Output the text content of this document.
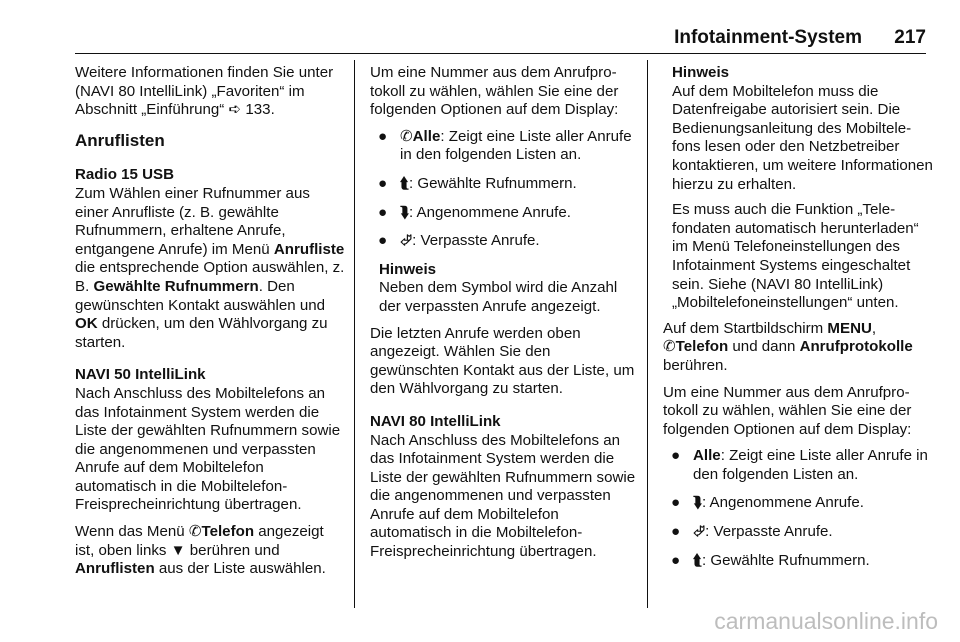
Infotainment-System 217

Weitere Informationen finden Sie unter (NAVI 80 IntelliLink) „Favoriten“ im Abschnitt „Einführung“ ➪ 133.

Anruflisten
Radio 15 USB

Zum Wählen einer Rufnummer aus einer Anrufliste (z. B. gewählte Rufnummern, erhaltene Anrufe, entgangene Anrufe) im Menü Anrufliste die entsprechende Option auswählen, z. B. Gewählte Rufnummern. Den gewünschten Kontakt auswählen und OK drücken, um den Wählvorgang zu starten.

NAVI 50 IntelliLink

Nach Anschluss des Mobiltelefons an das Infotainment System werden die Liste der gewählten Rufnummern sowie die angenommenen und verpassten Anrufe auf dem Mobiltelefon automatisch in die Mobiltelefon-Freisprecheinrichtung übertragen.

Wenn das Menü ✆Telefon angezeigt ist, oben links ▼ berühren und Anruflisten aus der Liste auswählen.

Um eine Nummer aus dem Anrufprotokoll zu wählen, wählen Sie eine der folgenden Optionen auf dem Display:

● ✆Alle: Zeigt eine Liste aller Anrufe in den folgenden Listen an.
● ⮬: Gewählte Rufnummern.
● ⮯: Angenommene Anrufe.
● ⮰: Verpasste Anrufe.
Hinweis

Neben dem Symbol wird die Anzahl der verpassten Anrufe angezeigt.

Die letzten Anrufe werden oben angezeigt. Wählen Sie den gewünschten Kontakt aus der Liste, um den Wählvorgang zu starten.

NAVI 80 IntelliLink

Nach Anschluss des Mobiltelefons an das Infotainment System werden die Liste der gewählten Rufnummern sowie die angenommenen und verpassten Anrufe auf dem Mobiltelefon automatisch in die Mobiltelefon-Freisprecheinrichtung übertragen.

Hinweis

Auf dem Mobiltelefon muss die Datenfreigabe autorisiert sein. Die Bedienungsanleitung des Mobiltelefons lesen oder den Netzbetreiber kontaktieren, um weitere Informationen hierzu zu erhalten.

Es muss auch die Funktion „Telefondaten automatisch herunterladen“ im Menü Telefoneinstellungen des Infotainment Systems eingeschaltet sein. Siehe (NAVI 80 IntelliLink) „Mobiltelefoneinstellungen“ unten.

Auf dem Startbildschirm MENU, ✆Telefon und dann Anrufprotokolle berühren.

Um eine Nummer aus dem Anrufprotokoll zu wählen, wählen Sie eine der folgenden Optionen auf dem Display:

● Alle: Zeigt eine Liste aller Anrufe in den folgenden Listen an.
● ⮯: Angenommene Anrufe.
● ⮰: Verpasste Anrufe.
● ⮬: Gewählte Rufnummern.
carmanualsonline.info
